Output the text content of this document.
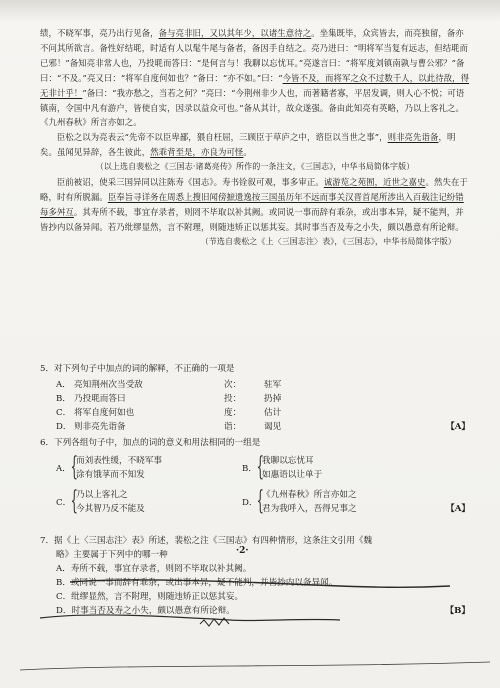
绩，不晓军事，亮乃出行见备，备与亮非旧，又以其年少，以诸生意待之。坐集既毕，众宾皆去，而亮独留，备亦不问其所欲言。备性好结毦，时适有人以髦牛尾与备者，备因手自结之。亮乃进曰：“明将军当复有远志，但结毦而已邪！”备知亮非常人也，乃投毦而答曰：“是何言与！我聊以忘忧耳。”亮遂言曰：“将军度刘镇南孰与曹公邪？”备曰：“不及。”亮又曰：“将军自度何如也？”备曰：“亦不如。”曰：“今皆不及，而将军之众不过数千人，以此待敌，得无非计乎！”备曰：“我亦愁之，当若之何？”亮曰：“今荆州非少人也，而著籍者寡，平居发调，则人心不悦；可语镇南，令国中凡有游户，皆使自实，因录以益众可也。”备从其计，故众遂强。备由此知亮有英略，乃以上客礼之。《九州春秋》所言亦如之。

臣松之以为亮表云“先帝不以臣卑鄙，猥自枉屈，三顾臣于草庐之中，谘臣以当世之事”，则非亮先诣备，明矣。虽闻见异辞，各生彼此，然乖背至是，亦良为可怪。

（以上选自裴松之《三国志·诸葛亮传》所作的一条注文，《三国志》，中华书局简体字版）

臣前被诏，使采三国异同以注陈寿《国志》。寿书铨叙可观，事多审正。诚游览之苑囿，近世之嘉史。然失在于略，时有所脱漏。臣奉旨寻详务在周悉上搜旧闻傍摭遗逸按三国虽历年不远而事关汉晋首尾所涉出入百载注记纷错每多舛互。其寿所不载，事宜存录者，则罔不毕取以补其阙。或同说一事而辞有乖杂，或出事本异，疑不能判，并皆抄内以备异闻。若乃纰缪显然，言不附理，则随违矫正以惩其妄。其时事当否及寿之小失，颇以愚意有所论辩。

（节选自裴松之《上〈三国志注〉表》，《三国志》，中华书局简体字版）

5．对下列句子中加点的词的解释，不正确的一项是
A． 亮知荆州次当受敌	次：	驻军
B． 乃投毦而答曰	投：	扔掉
C． 将军自度何如也	度：	估计
D． 则非亮先诣备	诣：	谒见	【A】
6．下列各组句子中，加点的词的意义和用法相同的一组是
A． {
而刘表性缓，不晓军事
涂有饿莩而不知发
B． {
我聊以忘忧耳
如惠语以让单于
C． {
乃以上客礼之
今其智乃反不能及
D． {
《九州春秋》所言亦如之
君为我呼入，吾得兄事之	【A】
7．据《上〈三国志注〉表》所述，裴松之注《三国志》有四种情形，这条注文引用《魏
略》主要属于下列中的哪一种
A．寿所不载，事宜存录者，则罔不毕取以补其阙。
B．或同说一事而辞有乖杂，或出事本异，疑不能判，并皆抄内以备异闻。
C．纰缪显然，言不附理，则随违矫正以惩其妄。
D．时事当否及寿之小失，颇以愚意有所论辩。	【B】
·2·
